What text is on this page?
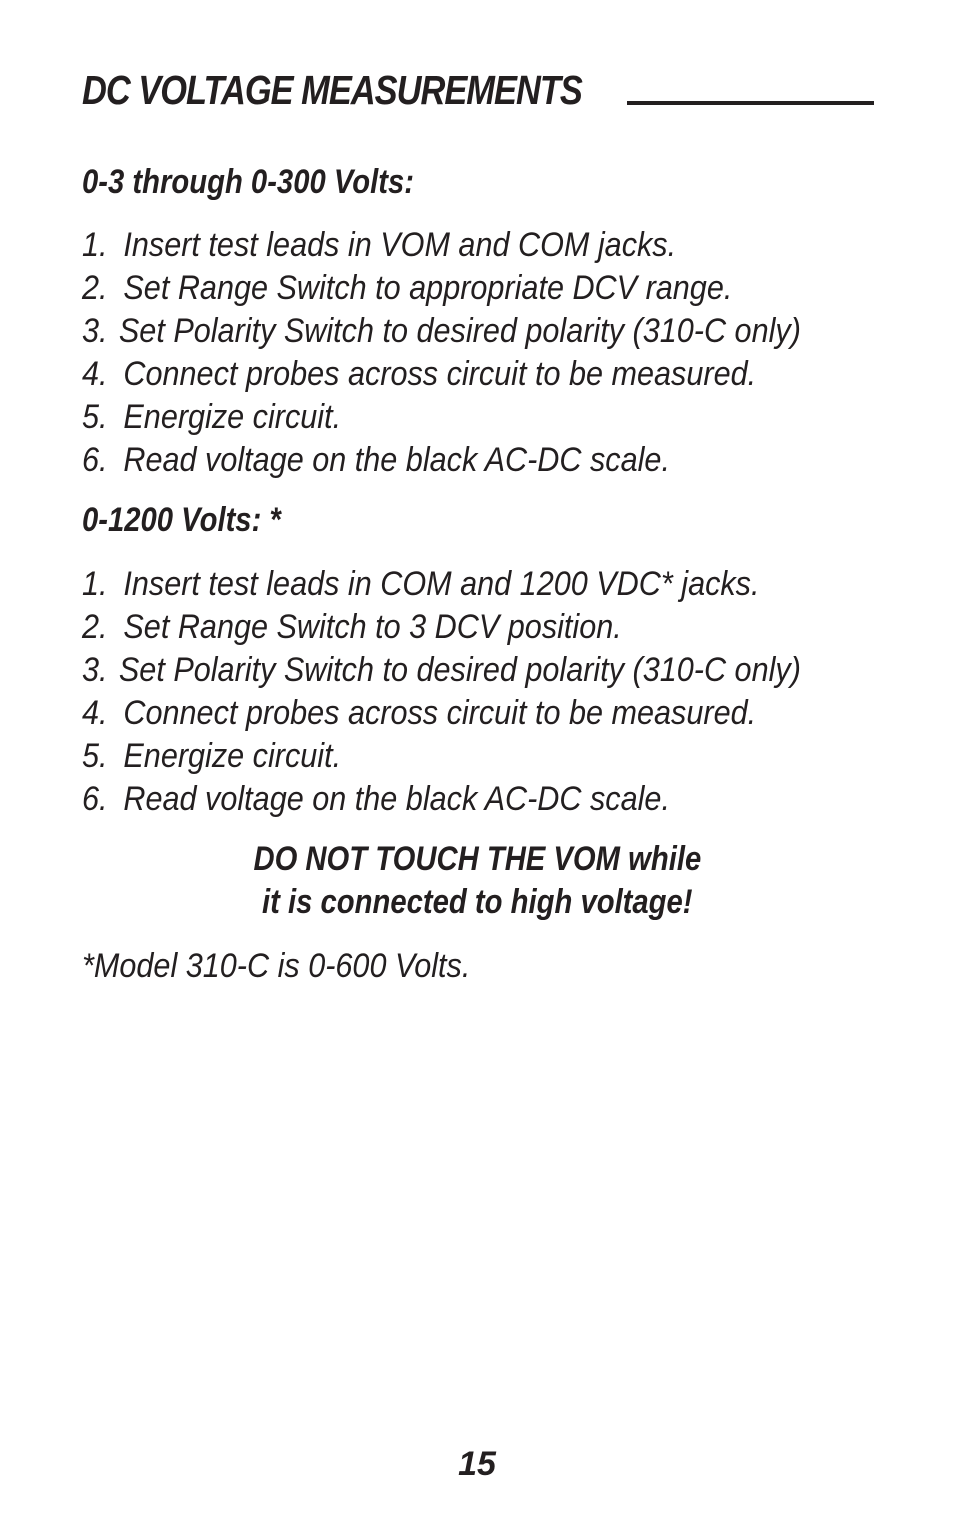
DC VOLTAGE MEASUREMENTS
0-3 through 0-300 Volts:
1. Insert test leads in VOM and COM jacks.
2. Set Range Switch to appropriate DCV range.
3. Set Polarity Switch to desired polarity (310-C only)
4. Connect probes across circuit to be measured.
5. Energize circuit.
6. Read voltage on the black AC-DC scale.
0-1200 Volts: *
1. Insert test leads in COM and 1200 VDC* jacks.
2. Set Range Switch to 3 DCV position.
3. Set Polarity Switch to desired polarity (310-C only)
4. Connect probes across circuit to be measured.
5. Energize circuit.
6. Read voltage on the black AC-DC scale.
DO NOT TOUCH THE VOM while
it is connected to high voltage!
*Model 310-C is 0-600 Volts.
15
